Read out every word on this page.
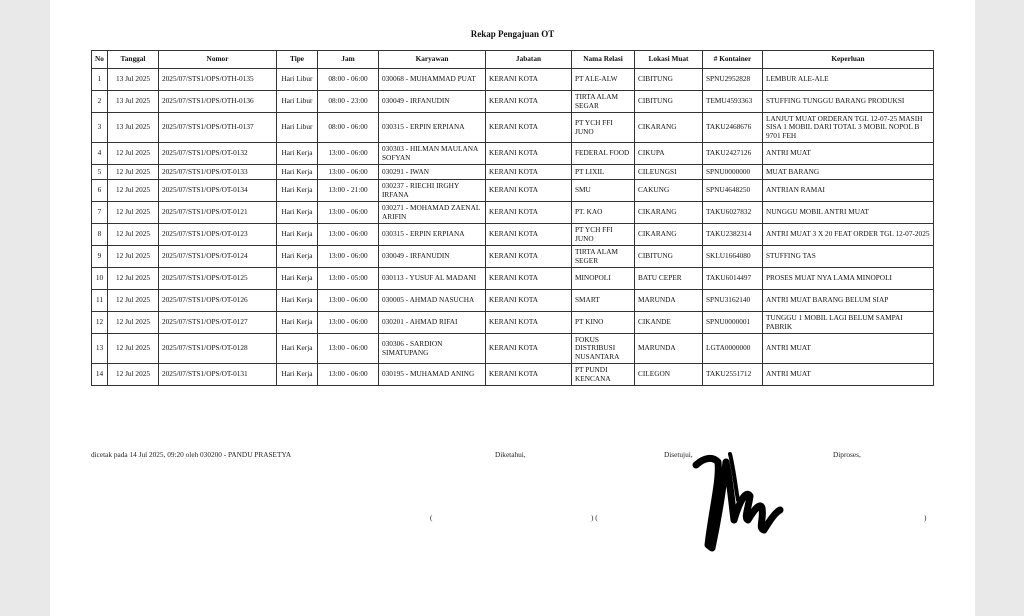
Rekap Pengajuan OT
No	Tanggal	Nomor	Tipe	Jam	Karyawan	Jabatan	Nama Relasi	Lokasi Muat	# Kontainer	Keperluan
1	13 Jul 2025	2025/07/STS1/OPS/OTH-0135	Hari Libur	08:00 - 06:00	030068 - MUHAMMAD PUAT	KERANI KOTA	PT ALE-ALW	CIBITUNG	SPNU2952828	LEMBUR ALE-ALE
2	13 Jul 2025	2025/07/STS1/OPS/OTH-0136	Hari Libur	08:00 - 23:00	030049 - IRFANUDIN	KERANI KOTA	TIRTA ALAM SEGAR	CIBITUNG	TEMU4593363	STUFFING TUNGGU BARANG PRODUKSI
3	13 Jul 2025	2025/07/STS1/OPS/OTH-0137	Hari Libur	08:00 - 06:00	030315 - ERPIN ERPIANA	KERANI KOTA	PT YCH FFI JUNO	CIKARANG	TAKU2468676	LANJUT MUAT ORDERAN TGL 12-07-25 MASIH SISA 1 MOBIL DARI TOTAL 3 MOBIL NOPOL B 9701 FEH
4	12 Jul 2025	2025/07/STS1/OPS/OT-0132	Hari Kerja	13:00 - 06:00	030303 - HILMAN MAULANA SOFYAN	KERANI KOTA	FEDERAL FOOD	CIKUPA	TAKU2427126	ANTRI MUAT
5	12 Jul 2025	2025/07/STS1/OPS/OT-0133	Hari Kerja	13:00 - 06:00	030291 - IWAN	KERANI KOTA	PT LIXIL	CILEUNGSI	SPNU0000000	MUAT BARANG
6	12 Jul 2025	2025/07/STS1/OPS/OT-0134	Hari Kerja	13:00 - 21:00	030237 - RIECHI IRGHY IRFANA	KERANI KOTA	SMU	CAKUNG	SPNU4648250	ANTRIAN RAMAI
7	12 Jul 2025	2025/07/STS1/OPS/OT-0121	Hari Kerja	13:00 - 06:00	030271 - MOHAMAD ZAENAL ARIFIN	KERANI KOTA	PT. KAO	CIKARANG	TAKU6027832	NUNGGU MOBIL ANTRI MUAT
8	12 Jul 2025	2025/07/STS1/OPS/OT-0123	Hari Kerja	13:00 - 06:00	030315 - ERPIN ERPIANA	KERANI KOTA	PT YCH FFI JUNO	CIKARANG	TAKU2382314	ANTRI MUAT 3 X 20 FEAT ORDER TGL 12-07-2025
9	12 Jul 2025	2025/07/STS1/OPS/OT-0124	Hari Kerja	13:00 - 06:00	030049 - IRFANUDIN	KERANI KOTA	TIRTA ALAM SEGER	CIBITUNG	SKLU1664080	STUFFING TAS
10	12 Jul 2025	2025/07/STS1/OPS/OT-0125	Hari Kerja	13:00 - 05:00	030113 - YUSUF AL MADANI	KERANI KOTA	MINOPOLI	BATU CEPER	TAKU6014497	PROSES MUAT NYA LAMA MINOPOLI
11	12 Jul 2025	2025/07/STS1/OPS/OT-0126	Hari Kerja	13:00 - 06:00	030005 - AHMAD NASUCHA	KERANI KOTA	SMART	MARUNDA	SPNU3162140	ANTRI MUAT BARANG BELUM SIAP
12	12 Jul 2025	2025/07/STS1/OPS/OT-0127	Hari Kerja	13:00 - 06:00	030201 - AHMAD RIFAI	KERANI KOTA	PT KINO	CIKANDE	SPNU0000001	TUNGGU 1 MOBIL LAGI BELUM SAMPAI PABRIK
13	12 Jul 2025	2025/07/STS1/OPS/OT-0128	Hari Kerja	13:00 - 06:00	030306 - SARDION SIMATUPANG	KERANI KOTA	FOKUS DISTRIBUSI NUSANTARA	MARUNDA	LGTA0000000	ANTRI MUAT
14	12 Jul 2025	2025/07/STS1/OPS/OT-0131	Hari Kerja	13:00 - 06:00	030195 - MUHAMAD ANING	KERANI KOTA	PT PUNDI KENCANA	CILEGON	TAKU2551712	ANTRI MUAT
dicetak pada 14 Jul 2025, 09:20 oleh 030200 - PANDU PRASETYA	Diketahui,	Disetujui,	Diproses,
(	) (	) (	)
